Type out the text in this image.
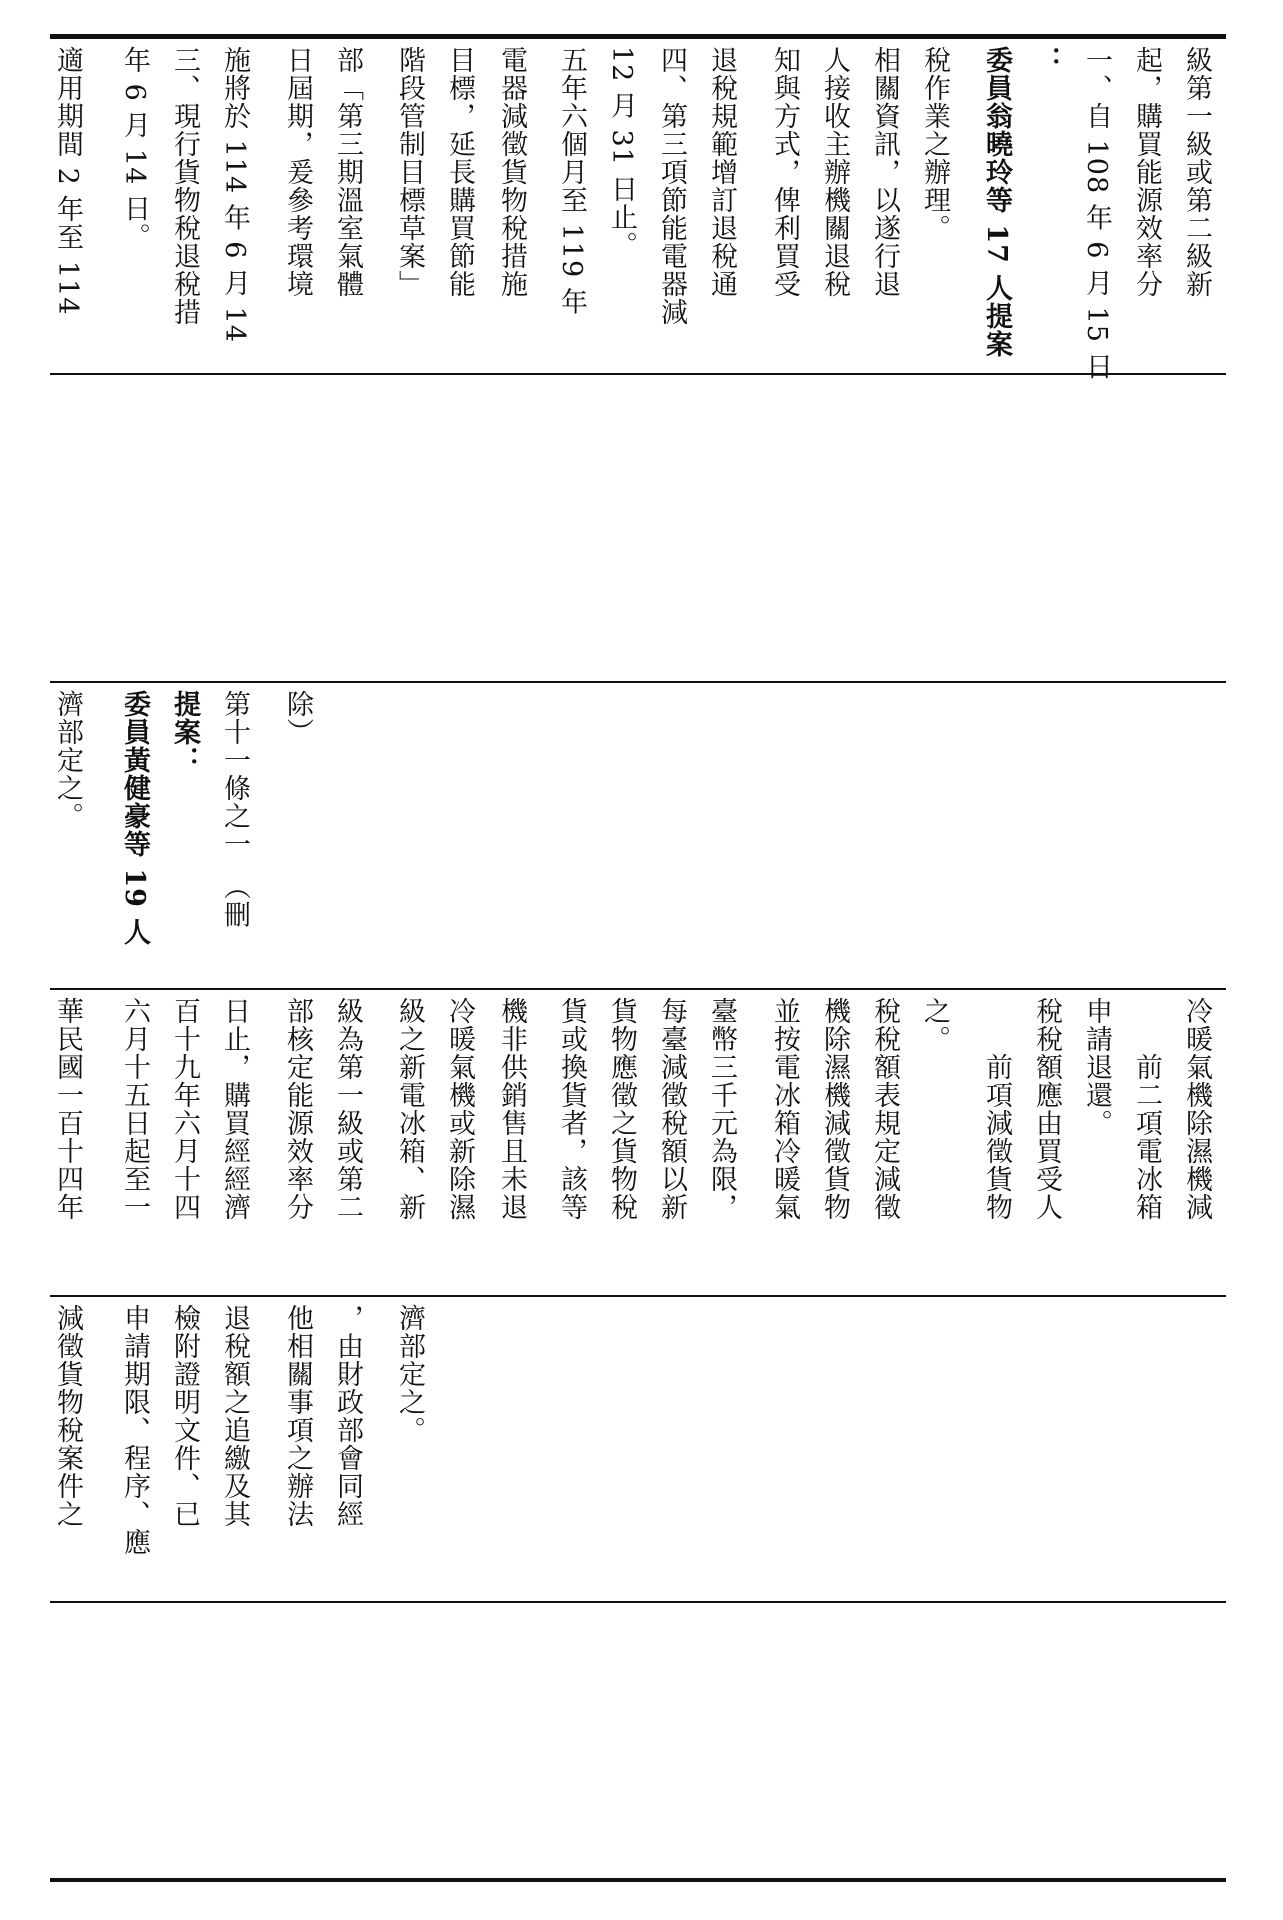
適用期間 2 年至 114 年 6 月 14 日。 三、現行貨物稅退稅措 施將於 114 年 6 月 14 日屆期，爰參考環境 部「第三期溫室氣體 階段管制目標草案」 目標，延長購買節能 電器減徵貨物稅措施 五年六個月至 119 年 12 月 31 日止。 四、第三項節能電器減 退稅規範增訂退稅通 知與方式，俾利買受 人接收主辦機關退稅 相關資訊，以遂行退 稅作業之辦理。 委員翁曉玲等 17 人提案 ： 一、自 108 年 6 月 15 日 起，購買能源效率分 級第一級或第二級新
濟部定之。 委員黃健豪等 19 人 提案： 第十一條之一　（刪 除）
華民國一百十四年 六月十五日起至一 百十九年六月十四 日止，購買經經濟 部核定能源效率分 級為第一級或第二 級之新電冰箱、新 冷暖氣機或新除濕 機非供銷售且未退 貨或換貨者，該等 貨物應徵之貨物稅 每臺減徵稅額以新 臺幣三千元為限， 並按電冰箱冷暖氣 機除濕機減徵貨物 稅稅額表規定減徵 之。 　　前項減徵貨物 稅稅額應由買受人 申請退還。 　　前二項電冰箱 冷暖氣機除濕機減
減徵貨物稅案件之 申請期限、程序、應 檢附證明文件、已 退稅額之追繳及其 他相關事項之辦法 ，由財政部會同經 濟部定之。
